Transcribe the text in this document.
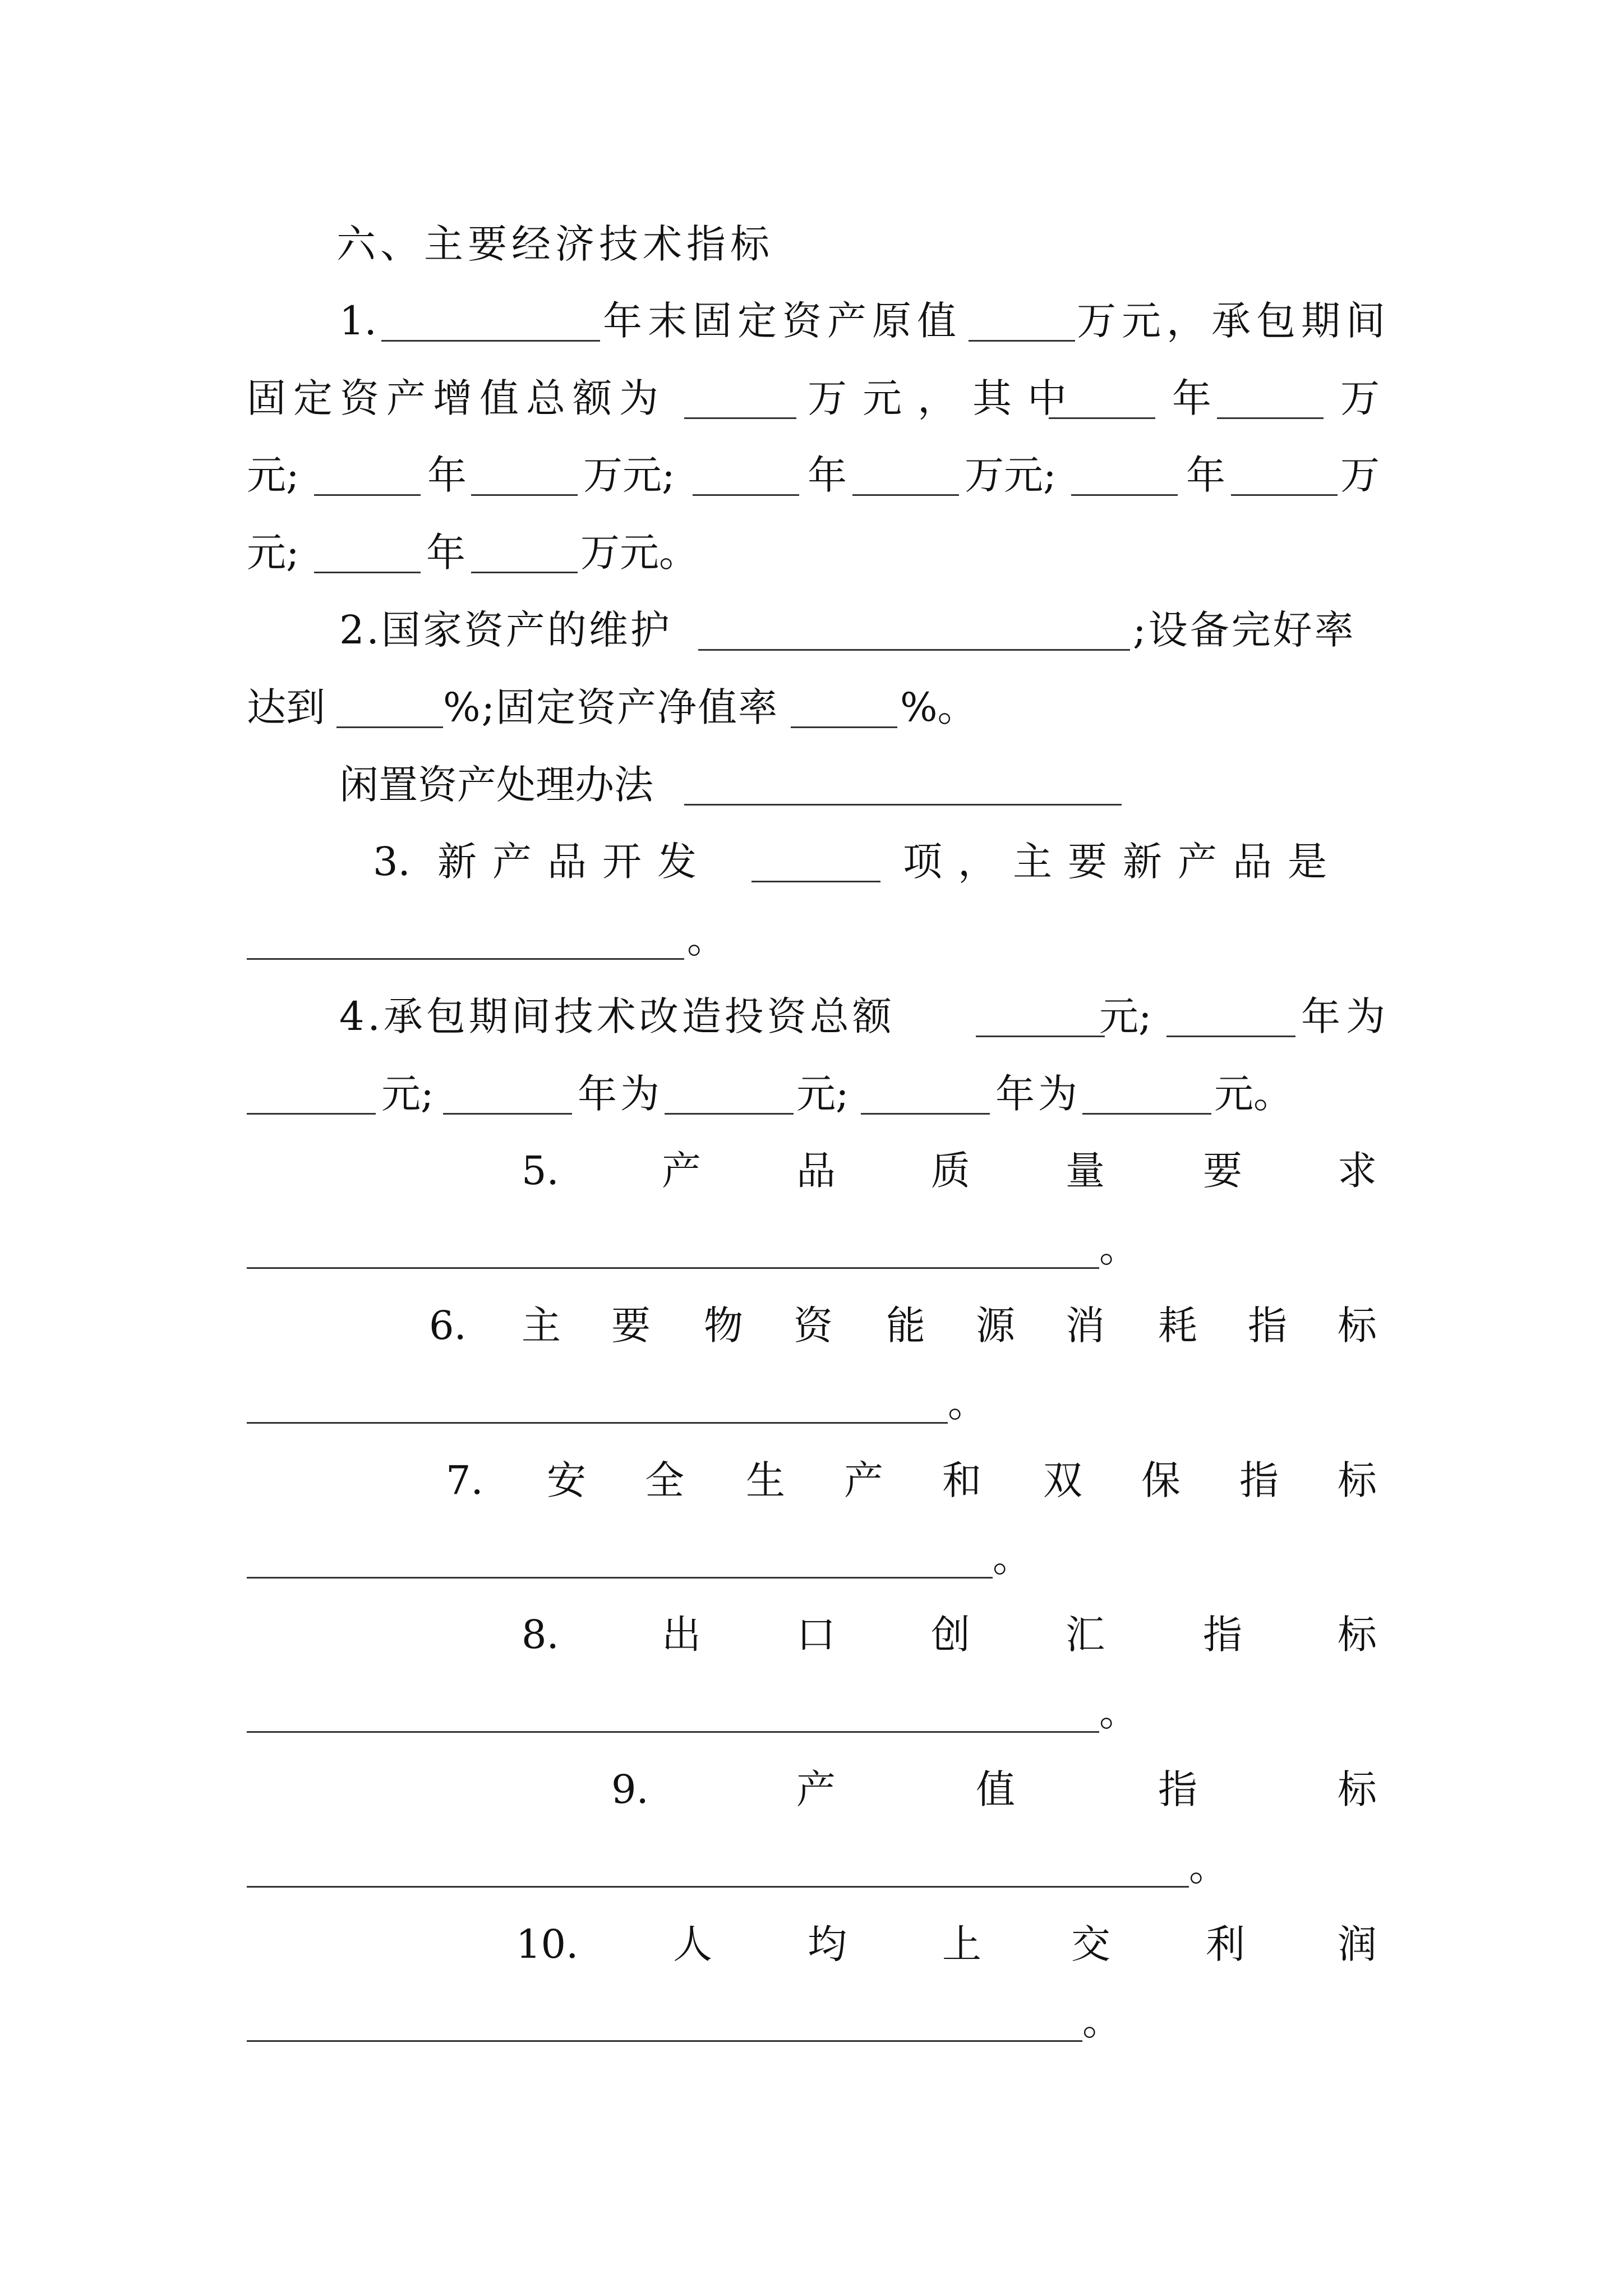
六、主要经济技术指标
1.	年末固定资产原值	万元，承包期间
固定资产增值总额为	万元，其中 年	万
元;	年	万元;	年	万元;	年	万
元;	年	万元。
2.国家资产的维护	;设备完好率
达到	%;固定资产净值率	%。
闲置资产处理办法
3. 新产品开发	项，主要新产品是
。
4.承包期间技术改造投资总额	元;	年为
元;	年为	元;	年为	元。
5.	产 品 质 量	要 求
。
6. 主 要 物 资 能 源 消 耗 指 标
。
7. 安 全 生 产 和 双 保 指 标
。
8.	出 口 创 汇	指 标
。
9.	产	值	指	标
。
10. 人 均 上 交 利 润
。
